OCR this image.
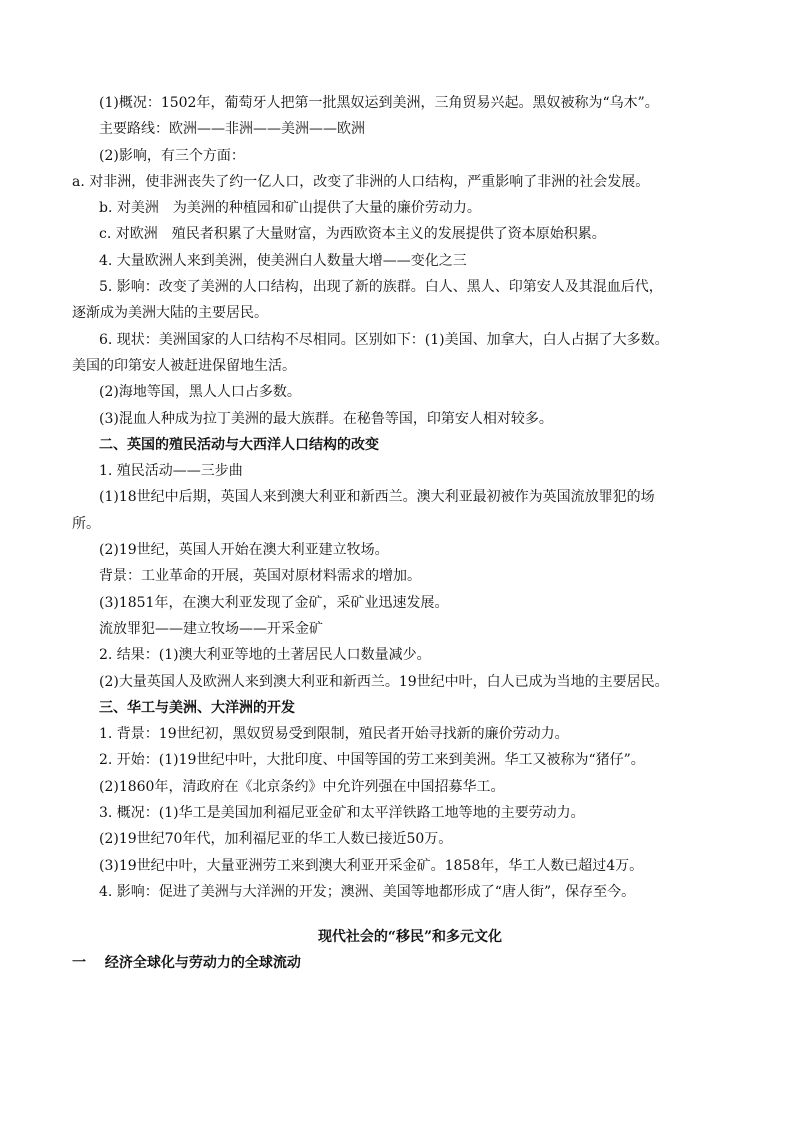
(1)概况：1502年，葡萄牙人把第一批黑奴运到美洲，三角贸易兴起。黑奴被称为“乌木”。
主要路线：欧洲——非洲——美洲——欧洲
(2)影响，有三个方面：
a. 对非洲，使非洲丧失了约一亿人口，改变了非洲的人口结构，严重影响了非洲的社会发展。
b. 对美洲　为美洲的种植园和矿山提供了大量的廉价劳动力。
c. 对欧洲　殖民者积累了大量财富，为西欧资本主义的发展提供了资本原始积累。
4. 大量欧洲人来到美洲，使美洲白人数量大增——变化之三
5. 影响：改变了美洲的人口结构，出现了新的族群。白人、黑人、印第安人及其混血后代，
逐渐成为美洲大陆的主要居民。
6. 现状：美洲国家的人口结构不尽相同。区别如下：(1)美国、加拿大，白人占据了大多数。
美国的印第安人被赶进保留地生活。
(2)海地等国，黑人人口占多数。
(3)混血人种成为拉丁美洲的最大族群。在秘鲁等国，印第安人相对较多。
二、英国的殖民活动与大西洋人口结构的改变
1. 殖民活动——三步曲
(1)18世纪中后期，英国人来到澳大利亚和新西兰。澳大利亚最初被作为英国流放罪犯的场
所。
(2)19世纪，英国人开始在澳大利亚建立牧场。
背景：工业革命的开展，英国对原材料需求的增加。
(3)1851年，在澳大利亚发现了金矿，采矿业迅速发展。
流放罪犯——建立牧场——开采金矿
2. 结果：(1)澳大利亚等地的土著居民人口数量减少。
(2)大量英国人及欧洲人来到澳大利亚和新西兰。19世纪中叶，白人已成为当地的主要居民。
三、华工与美洲、大洋洲的开发
1. 背景：19世纪初，黑奴贸易受到限制，殖民者开始寻找新的廉价劳动力。
2. 开始：(1)19世纪中叶，大批印度、中国等国的劳工来到美洲。华工又被称为“猪仔”。
(2)1860年，清政府在《北京条约》中允许列强在中国招募华工。
3. 概况：(1)华工是美国加利福尼亚金矿和太平洋铁路工地等地的主要劳动力。
(2)19世纪70年代，加利福尼亚的华工人数已接近50万。
(3)19世纪中叶，大量亚洲劳工来到澳大利亚开采金矿。1858年，华工人数已超过4万。
4. 影响：促进了美洲与大洋洲的开发；澳洲、美国等地都形成了“唐人街”，保存至今。
现代社会的“移民”和多元文化
一　 经济全球化与劳动力的全球流动
